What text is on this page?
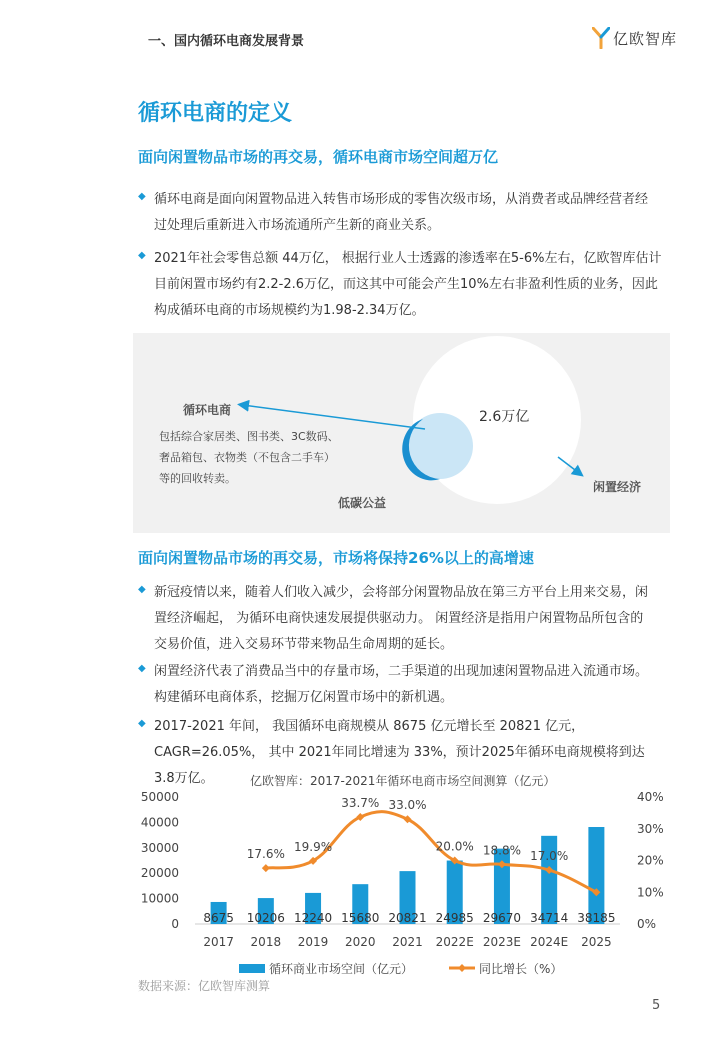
一、国内循环电商发展背景	亿欧智库
循环电商的定义
面向闲置物品市场的再交易，循环电商市场空间超万亿
◆ 循环电商是面向闲置物品进入转售市场形成的零售次级市场，从消费者或品牌经营者经
过处理后重新进入市场流通所产生新的商业关系。
◆ 2021年社会零售总额 44万亿， 根据行业人士透露的渗透率在5-6%左右，亿欧智库估计
目前闲置市场约有2.2-2.6万亿，而这其中可能会产生10%左右非盈利性质的业务，因此
构成循环电商的市场规模约为1.98-2.34万亿。
循环电商
包括综合家居类、图书类、3C数码、
奢品箱包、衣物类（不包含二手车）
等的回收转卖。
2.6万亿
低碳公益
闲置经济
面向闲置物品市场的再交易，市场将保持26%以上的高增速
◆ 新冠疫情以来，随着人们收入减少，会将部分闲置物品放在第三方平台上用来交易，闲
置经济崛起， 为循环电商快速发展提供驱动力。 闲置经济是指用户闲置物品所包含的
交易价值，进入交易环节带来物品生命周期的延长。
◆ 闲置经济代表了消费品当中的存量市场，二手渠道的出现加速闲置物品进入流通市场。
构建循环电商体系，挖掘万亿闲置市场中的新机遇。
◆ 2017-2021 年间， 我国循环电商规模从 8675 亿元增长至 20821 亿元，
CAGR=26.05%， 其中 2021年同比增速为 33%，预计2025年循环电商规模将到达
3.8万亿。	亿欧智库：2017-2021年循环电商市场空间测算（亿元）
0
10000
20000
30000
40000
50000
0%
10%
20%
30%
40%
8675
2017
10206
2018
12240
2019
15680
2020
20821
2021
24985
2022E
29670
2023E
34714
2024E
38185
2025
17.6%
19.9%
33.7% 33.0%
20.0% 18.8% 17.0%
循环商业市场空间（亿元）	同比增长（%）
数据来源：亿欧智库测算
5
